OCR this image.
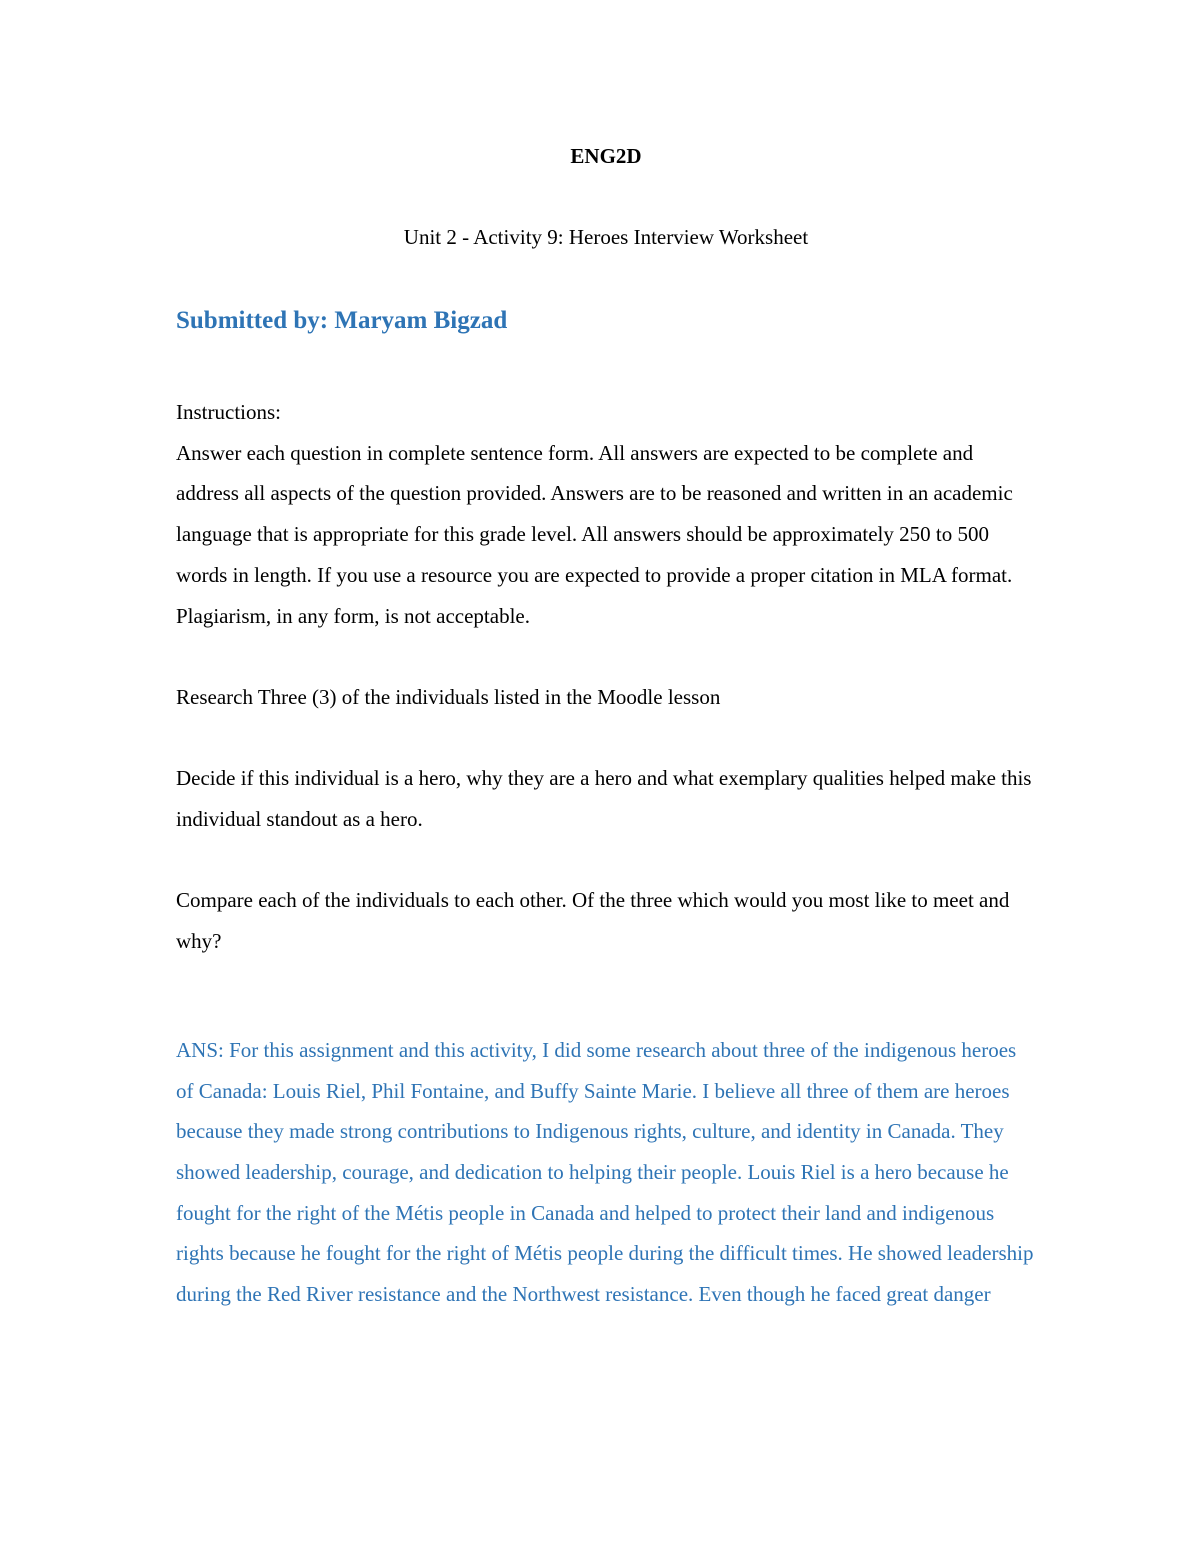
ENG2D

Unit 2 - Activity 9: Heroes Interview Worksheet

Submitted by: Maryam Bigzad

Instructions:

Answer each question in complete sentence form. All answers are expected to be complete and address all aspects of the question provided. Answers are to be reasoned and written in an academic language that is appropriate for this grade level. All answers should be approximately 250 to 500 words in length. If you use a resource you are expected to provide a proper citation in MLA format. Plagiarism, in any form, is not acceptable.

Research Three (3) of the individuals listed in the Moodle lesson

Decide if this individual is a hero, why they are a hero and what exemplary qualities helped make this individual standout as a hero.

Compare each of the individuals to each other. Of the three which would you most like to meet and why?

ANS: For this assignment and this activity, I did some research about three of the indigenous heroes of Canada: Louis Riel, Phil Fontaine, and Buffy Sainte Marie. I believe all three of them are heroes because they made strong contributions to Indigenous rights, culture, and identity in Canada. They showed leadership, courage, and dedication to helping their people. Louis Riel is a hero because he fought for the right of the Métis people in Canada and helped to protect their land and indigenous rights because he fought for the right of Métis people during the difficult times. He showed leadership during the Red River resistance and the Northwest resistance. Even though he faced great danger
